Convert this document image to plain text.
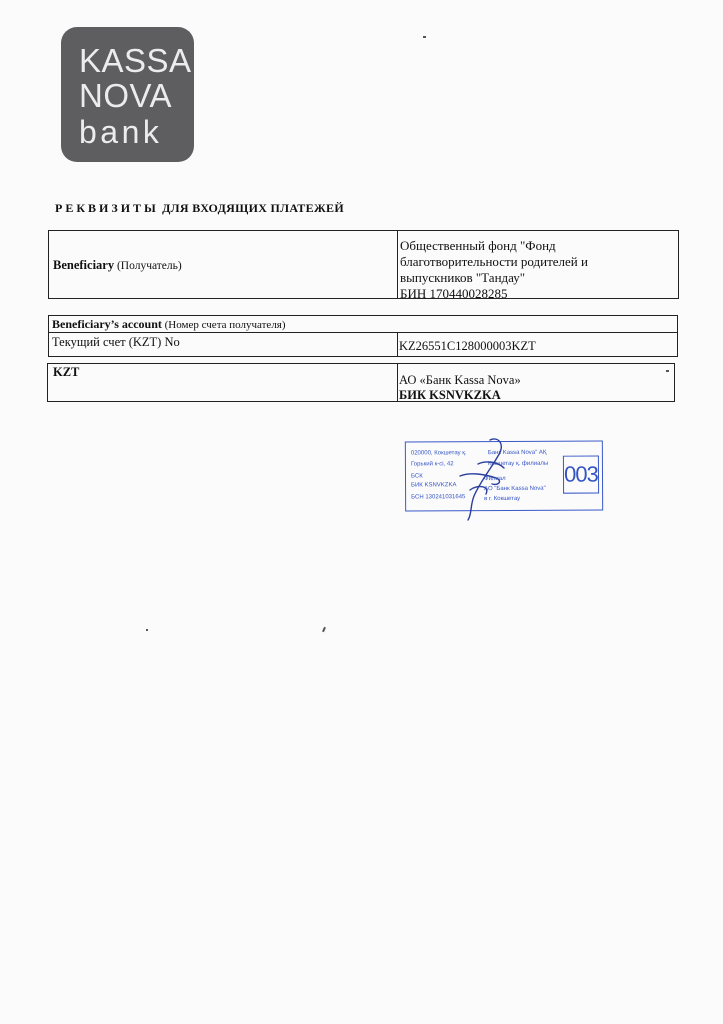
KASSA
NOVA
bank
РЕКВИЗИТЫ ДЛЯ ВХОДЯЩИХ ПЛАТЕЖЕЙ
Beneficiary (Получатель)
Общественный фонд "Фонд
благотворительности родителей и
выпускников "Тандау"
БИН 170440028285
Beneficiary’s account (Номер счета получателя)
Текущий счет (KZT) No	KZ26551C128000003KZT
KZT
АО «Банк Kassa Nova»
БИК KSNVKZKA
020000, Кокшетау қ.
Горький к-сі, 42
БСК
БИК KSNVKZKA
БСН 130241031645
Банк Kassa Nova" АҚ
Кокшетау қ. филиалы
Филиал
АО "Банк Kassa Nova"
в г. Кокшетау
003
